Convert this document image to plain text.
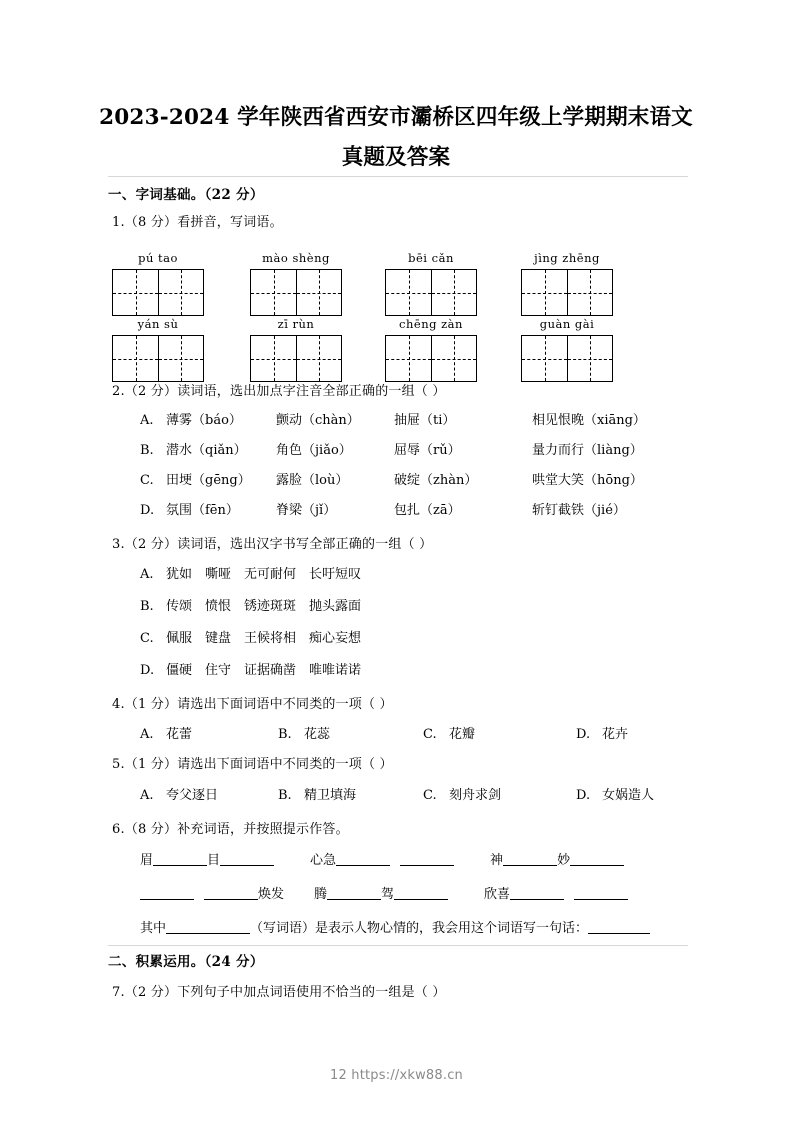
2023-2024 学年陕西省西安市灞桥区四年级上学期期末语文
真题及答案
一、字词基础。（22 分）
1.（8 分）看拼音，写词语。
pú tao	mào shèng	bēi cǎn	jìng zhēng
yán sù	zī rùn	chēng zàn	guàn gài
2.（2 分）读词语，选出加点字注音全部正确的一组（ ）
A. 薄雾（báo）	颤动（chàn）	抽屉（ti）	相见恨晚（xiāng）
B. 潜水（qiǎn） 角色（jiǎo）	屈辱（rǔ）	量力而行（liàng）
C. 田埂（gēng） 露脸（loù）	破绽（zhàn）	哄堂大笑（hōng）
D. 氛围（fēn）	脊梁（jǐ）	包扎（zā）	斩钉截铁（jié）
3.（2 分）读词语，选出汉字书写全部正确的一组（ ）
A. 犹如　嘶哑　无可耐何　长吁短叹
B. 传颂　愤恨　锈迹斑斑　抛头露面
C. 佩服　键盘　王候将相　痴心妄想
D. 僵硬　住守　证据确凿　唯唯诺诺
4.（1 分）请选出下面词语中不同类的一项（ ）
A. 花蕾	B. 花蕊	C. 花瓣	D. 花卉
5.（1 分）请选出下面词语中不同类的一项（ ）
A. 夸父逐日	B. 精卫填海	C. 刻舟求剑	D. 女娲造人
6.（8 分）补充词语，并按照提示作答。
眉	目	心急	神	妙
焕发 腾	驾	欣喜
其中	（写词语）是表示人物心情的，我会用这个词语写一句话：
二、积累运用。（24 分）
7.（2 分）下列句子中加点词语使用不恰当的一组是（ ）
12 https://xkw88.cn
